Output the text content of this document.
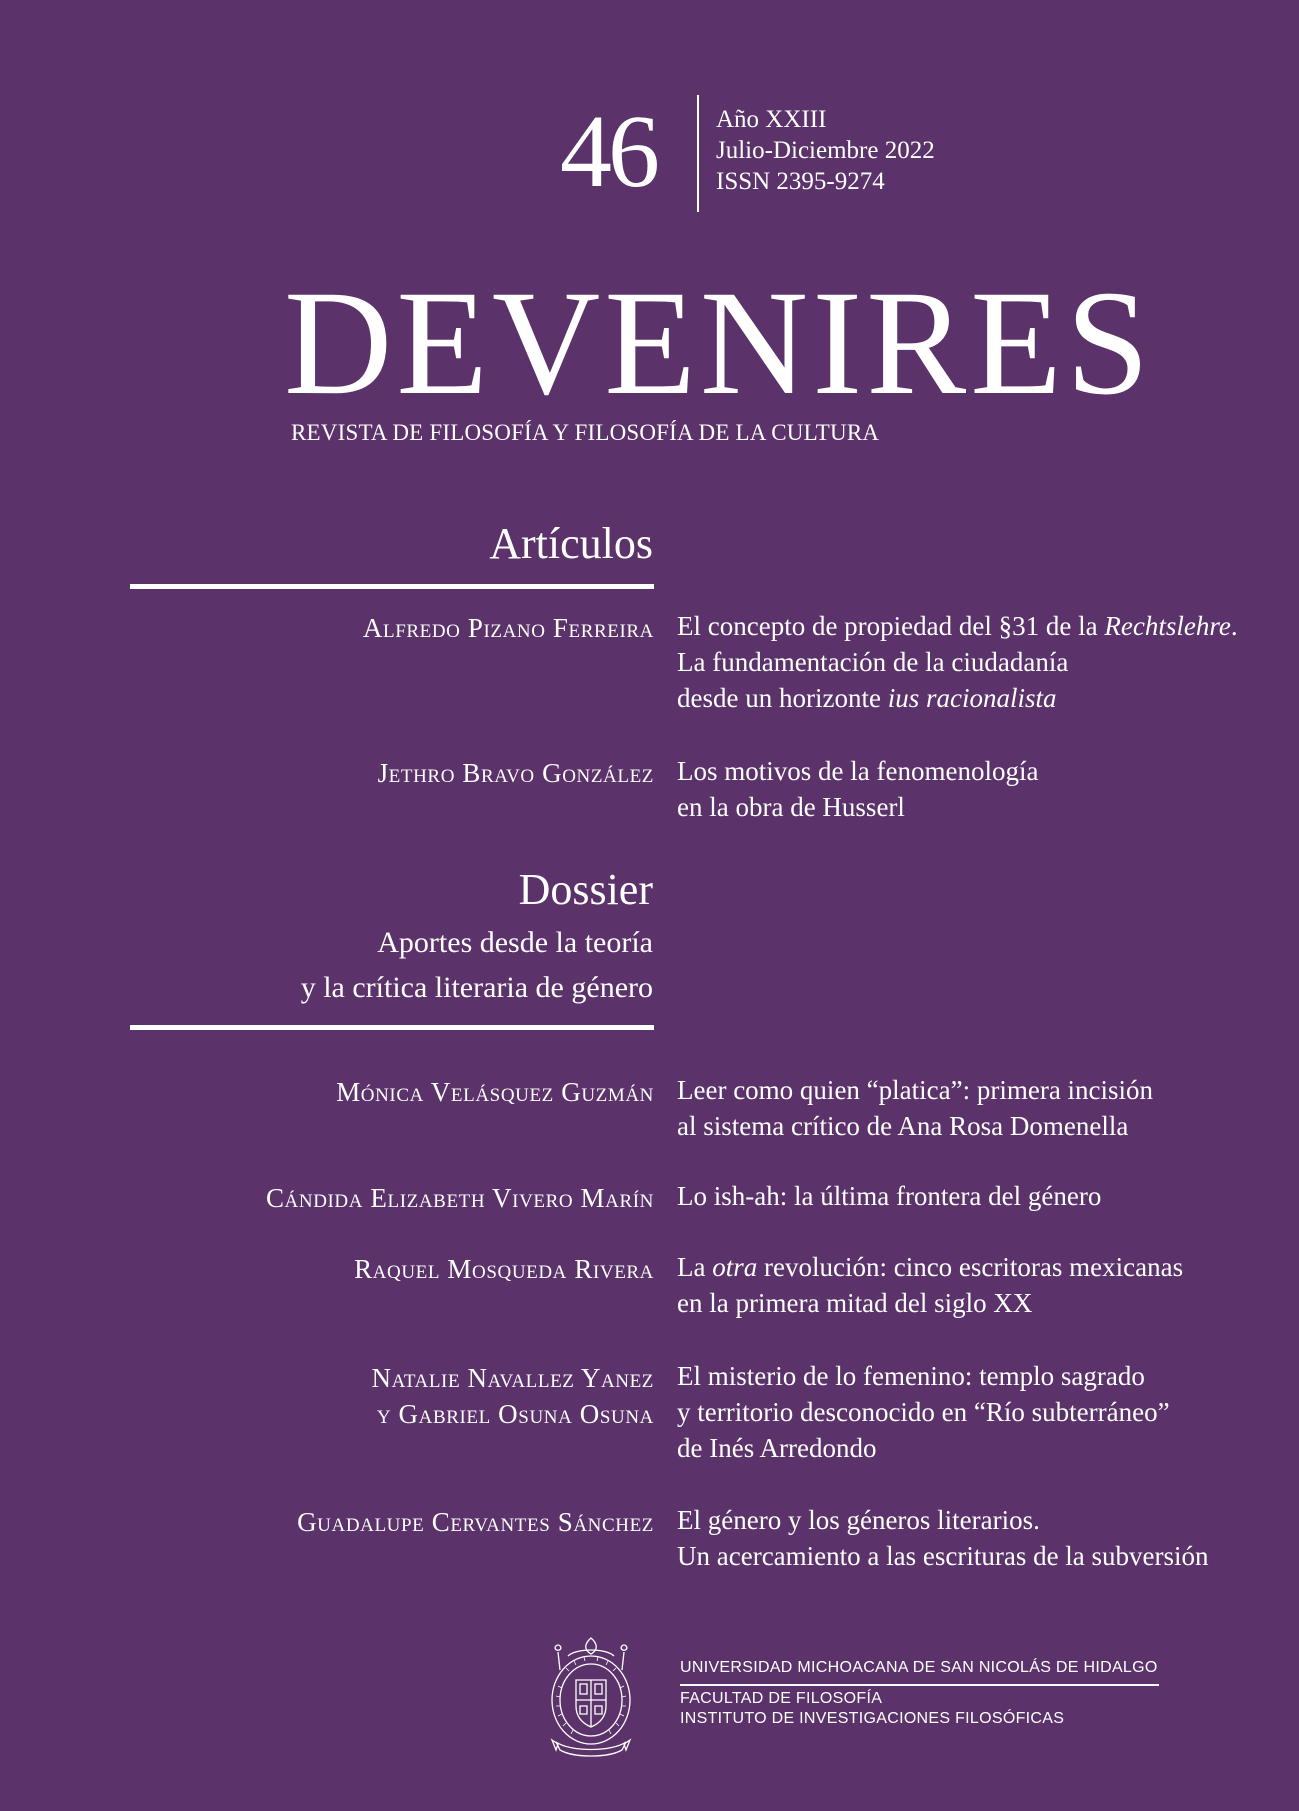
46 Año XXIII
Julio-Diciembre 2022
ISSN 2395-9274
DEVENIRES
REVISTA DE FILOSOFÍA Y FILOSOFÍA DE LA CULTURA
Artículos
Alfredo Pizano Ferreira El concepto de propiedad del §31 de la Rechtslehre.
La fundamentación de la ciudadanía
desde un horizonte ius racionalista
Jethro Bravo González Los motivos de la fenomenología
en la obra de Husserl
Dossier
Aportes desde la teoría
y la crítica literaria de género
Mónica Velásquez Guzmán Leer como quien “platica”: primera incisión
al sistema crítico de Ana Rosa Domenella
Cándida Elizabeth Vivero Marín Lo ish-ah: la última frontera del género
Raquel Mosqueda Rivera La otra revolución: cinco escritoras mexicanas
en la primera mitad del siglo XX
Natalie Navallez Yanez
y Gabriel Osuna Osuna
El misterio de lo femenino: templo sagrado
y territorio desconocido en “Río subterráneo”
de Inés Arredondo
Guadalupe Cervantes Sánchez El género y los géneros literarios.
Un acercamiento a las escrituras de la subversión
UNIVERSIDAD MICHOACANA DE SAN NICOLÁS DE HIDALGO
FACULTAD DE FILOSOFÍA
INSTITUTO DE INVESTIGACIONES FILOSÓFICAS
